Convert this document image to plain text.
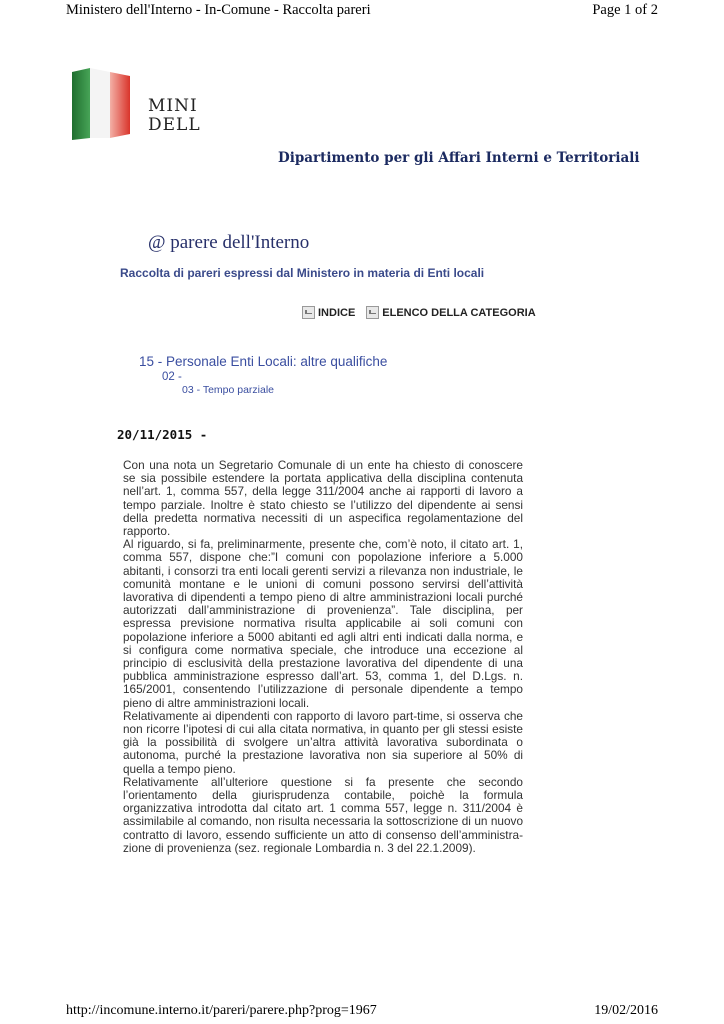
Ministero dell'Interno - In-Comune - Raccolta pareri	Page 1 of 2
MINI
DELL
Dipartimento per gli Affari Interni e Territoriali
@ parere dell'Interno
Raccolta di pareri espressi dal Ministero in materia di Enti locali
INDICE ELENCO DELLA CATEGORIA
15 - Personale Enti Locali: altre qualifiche
02 -
03 - Tempo parziale
20/11/2015 -

Con una nota un Segretario Comunale di un ente ha chiesto di conoscere se sia possibile estendere la portata applicativa della disciplina contenuta nell’art. 1, comma 557, della legge 311/2004 anche ai rapporti di lavoro a tempo parziale. Inoltre è stato chiesto se l’utilizzo del dipendente ai sensi della predetta normativa necessiti di un aspecifica regolamentazione del rapporto.

Al riguardo, si fa, preliminarmente, presente che, com’è noto, il citato art. 1, comma 557, dispone che:”I comuni con popolazione inferiore a 5.000 abitanti, i consorzi tra enti locali gerenti servizi a rilevanza non industriale, le comunità montane e le unioni di comuni possono servirsi dell’attività lavorativa di dipendenti a tempo pieno di altre amministrazioni locali purché autorizzati dall’amministrazione di provenienza”. Tale disciplina, per espressa previsione normativa risulta applicabile ai soli comuni con popolazione inferiore a 5000 abitanti ed agli altri enti indicati dalla norma, e si configura come normativa speciale, che introduce una eccezione al principio di esclusività della prestazione lavorativa del dipendente di una pubblica amministrazione espresso dall’art. 53, comma 1, del D.Lgs. n. 165/2001, consentendo l’utilizzazione di personale dipendente a tempo pieno di altre amministrazioni locali.

Relativamente ai dipendenti con rapporto di lavoro part-time, si osserva che non ricorre l’ipotesi di cui alla citata normativa, in quanto per gli stessi esiste già la possibilità di svolgere un’altra attività lavorativa subordinata o autonoma, purché la prestazione lavorativa non sia superiore al 50% di quella a tempo pieno.

Relativamente all’ulteriore questione si fa presente che secondo l’orientamento della giurisprudenza contabile, poichè la formula organizzativa introdotta dal citato art. 1 comma 557, legge n. 311/2004 è assimilabile al comando, non risulta necessaria la sottoscrizione di un nuovo contratto di lavoro, essendo sufficiente un atto di consenso dell’amministra-zione di provenienza (sez. regionale Lombardia n. 3 del 22.1.2009).

http://incomune.interno.it/pareri/parere.php?prog=1967	19/02/2016
